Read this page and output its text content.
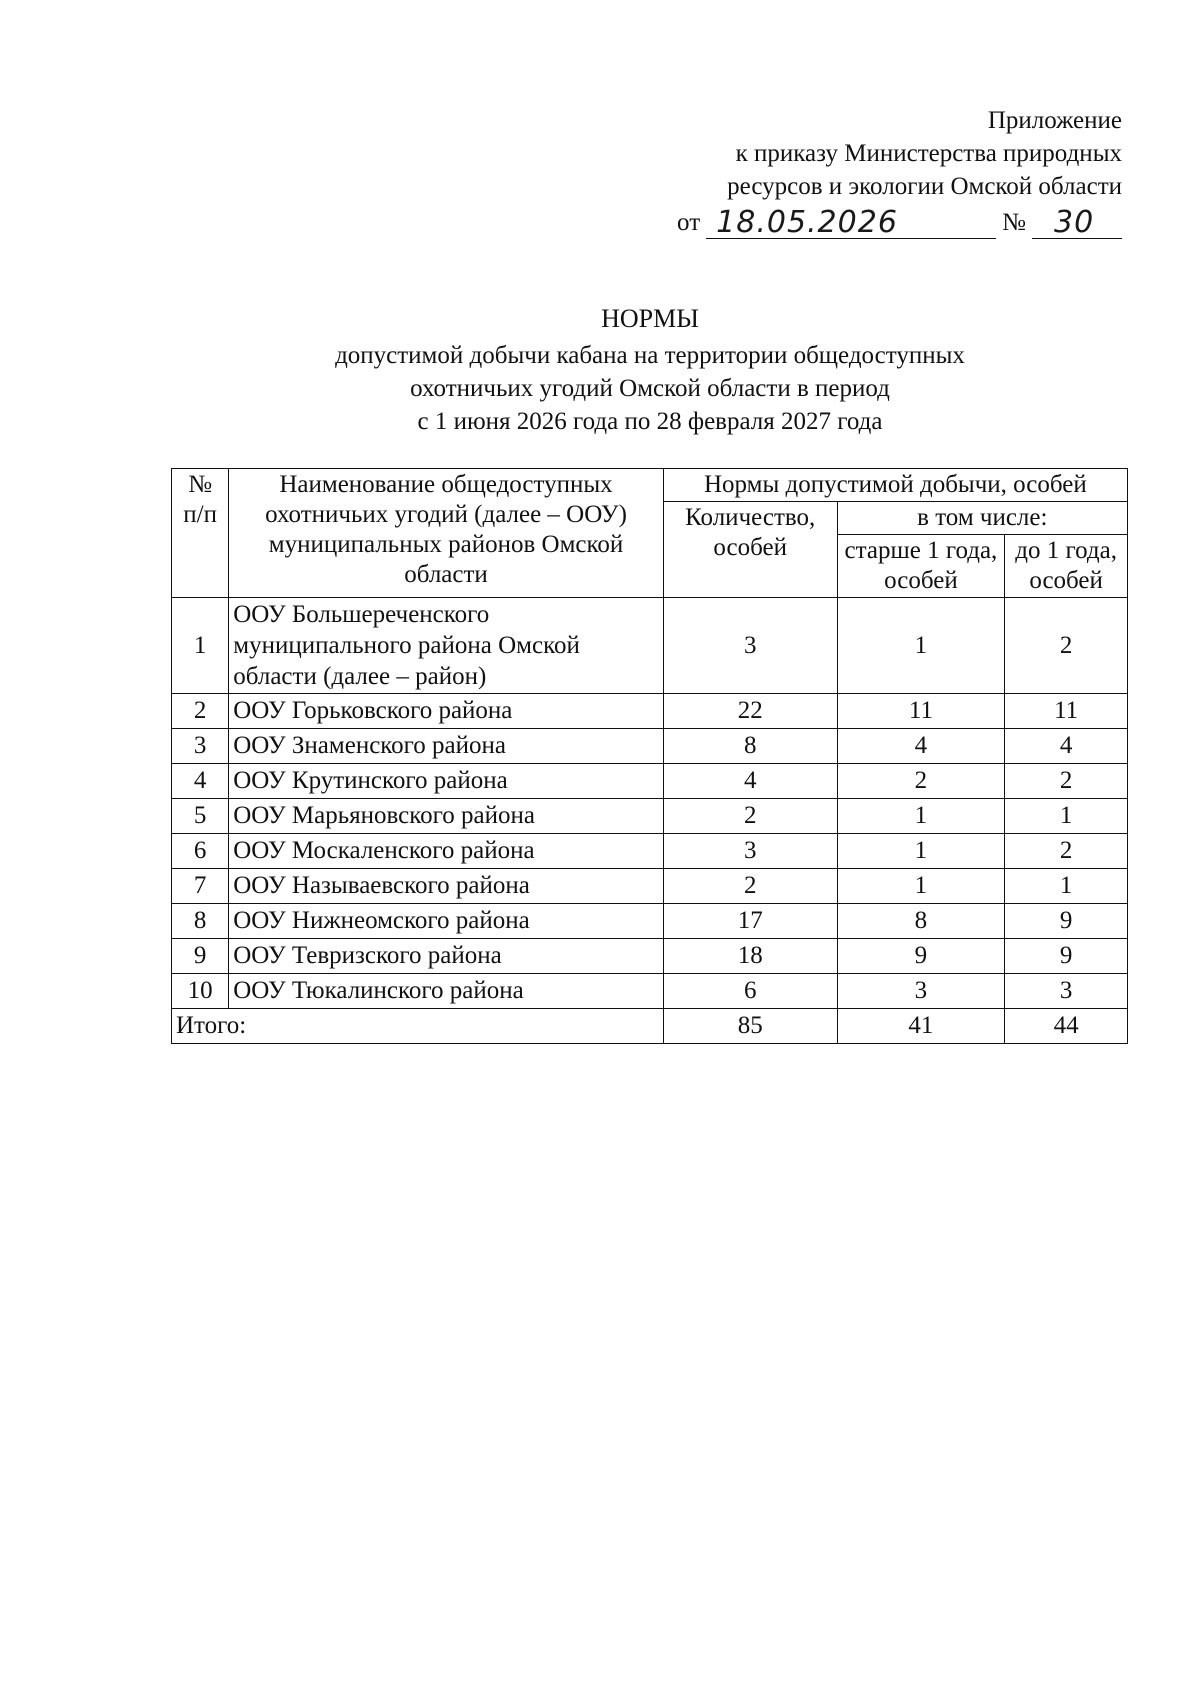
Приложение
к приказу Министерства природных
ресурсов и экологии Омской области
от 18.05.2026	№ 30
НОРМЫ
допустимой добычи кабана на территории общедоступных
охотничьих угодий Омской области в период
с 1 июня 2026 года по 28 февраля 2027 года
№ п/п	Наименование общедоступных охотничьих угодий (далее – ООУ) муниципальных районов Омской области	Нормы допустимой добычи, особей		
		Количество, особей	в том числе:	
			старше 1 года, особей	до 1 года, особей
1	ООУ Большереченского муниципального района Омской области (далее – район)	3	1	2
2	ООУ Горьковского района	22	11	11
3	ООУ Знаменского района	8	4	4
4	ООУ Крутинского района	4	2	2
5	ООУ Марьяновского района	2	1	1
6	ООУ Москаленского района	3	1	2
7	ООУ Называевского района	2	1	1
8	ООУ Нижнеомского района	17	8	9
9	ООУ Тевризского района	18	9	9
10	ООУ Тюкалинского района	6	3	3
Итого:		85	41	44
